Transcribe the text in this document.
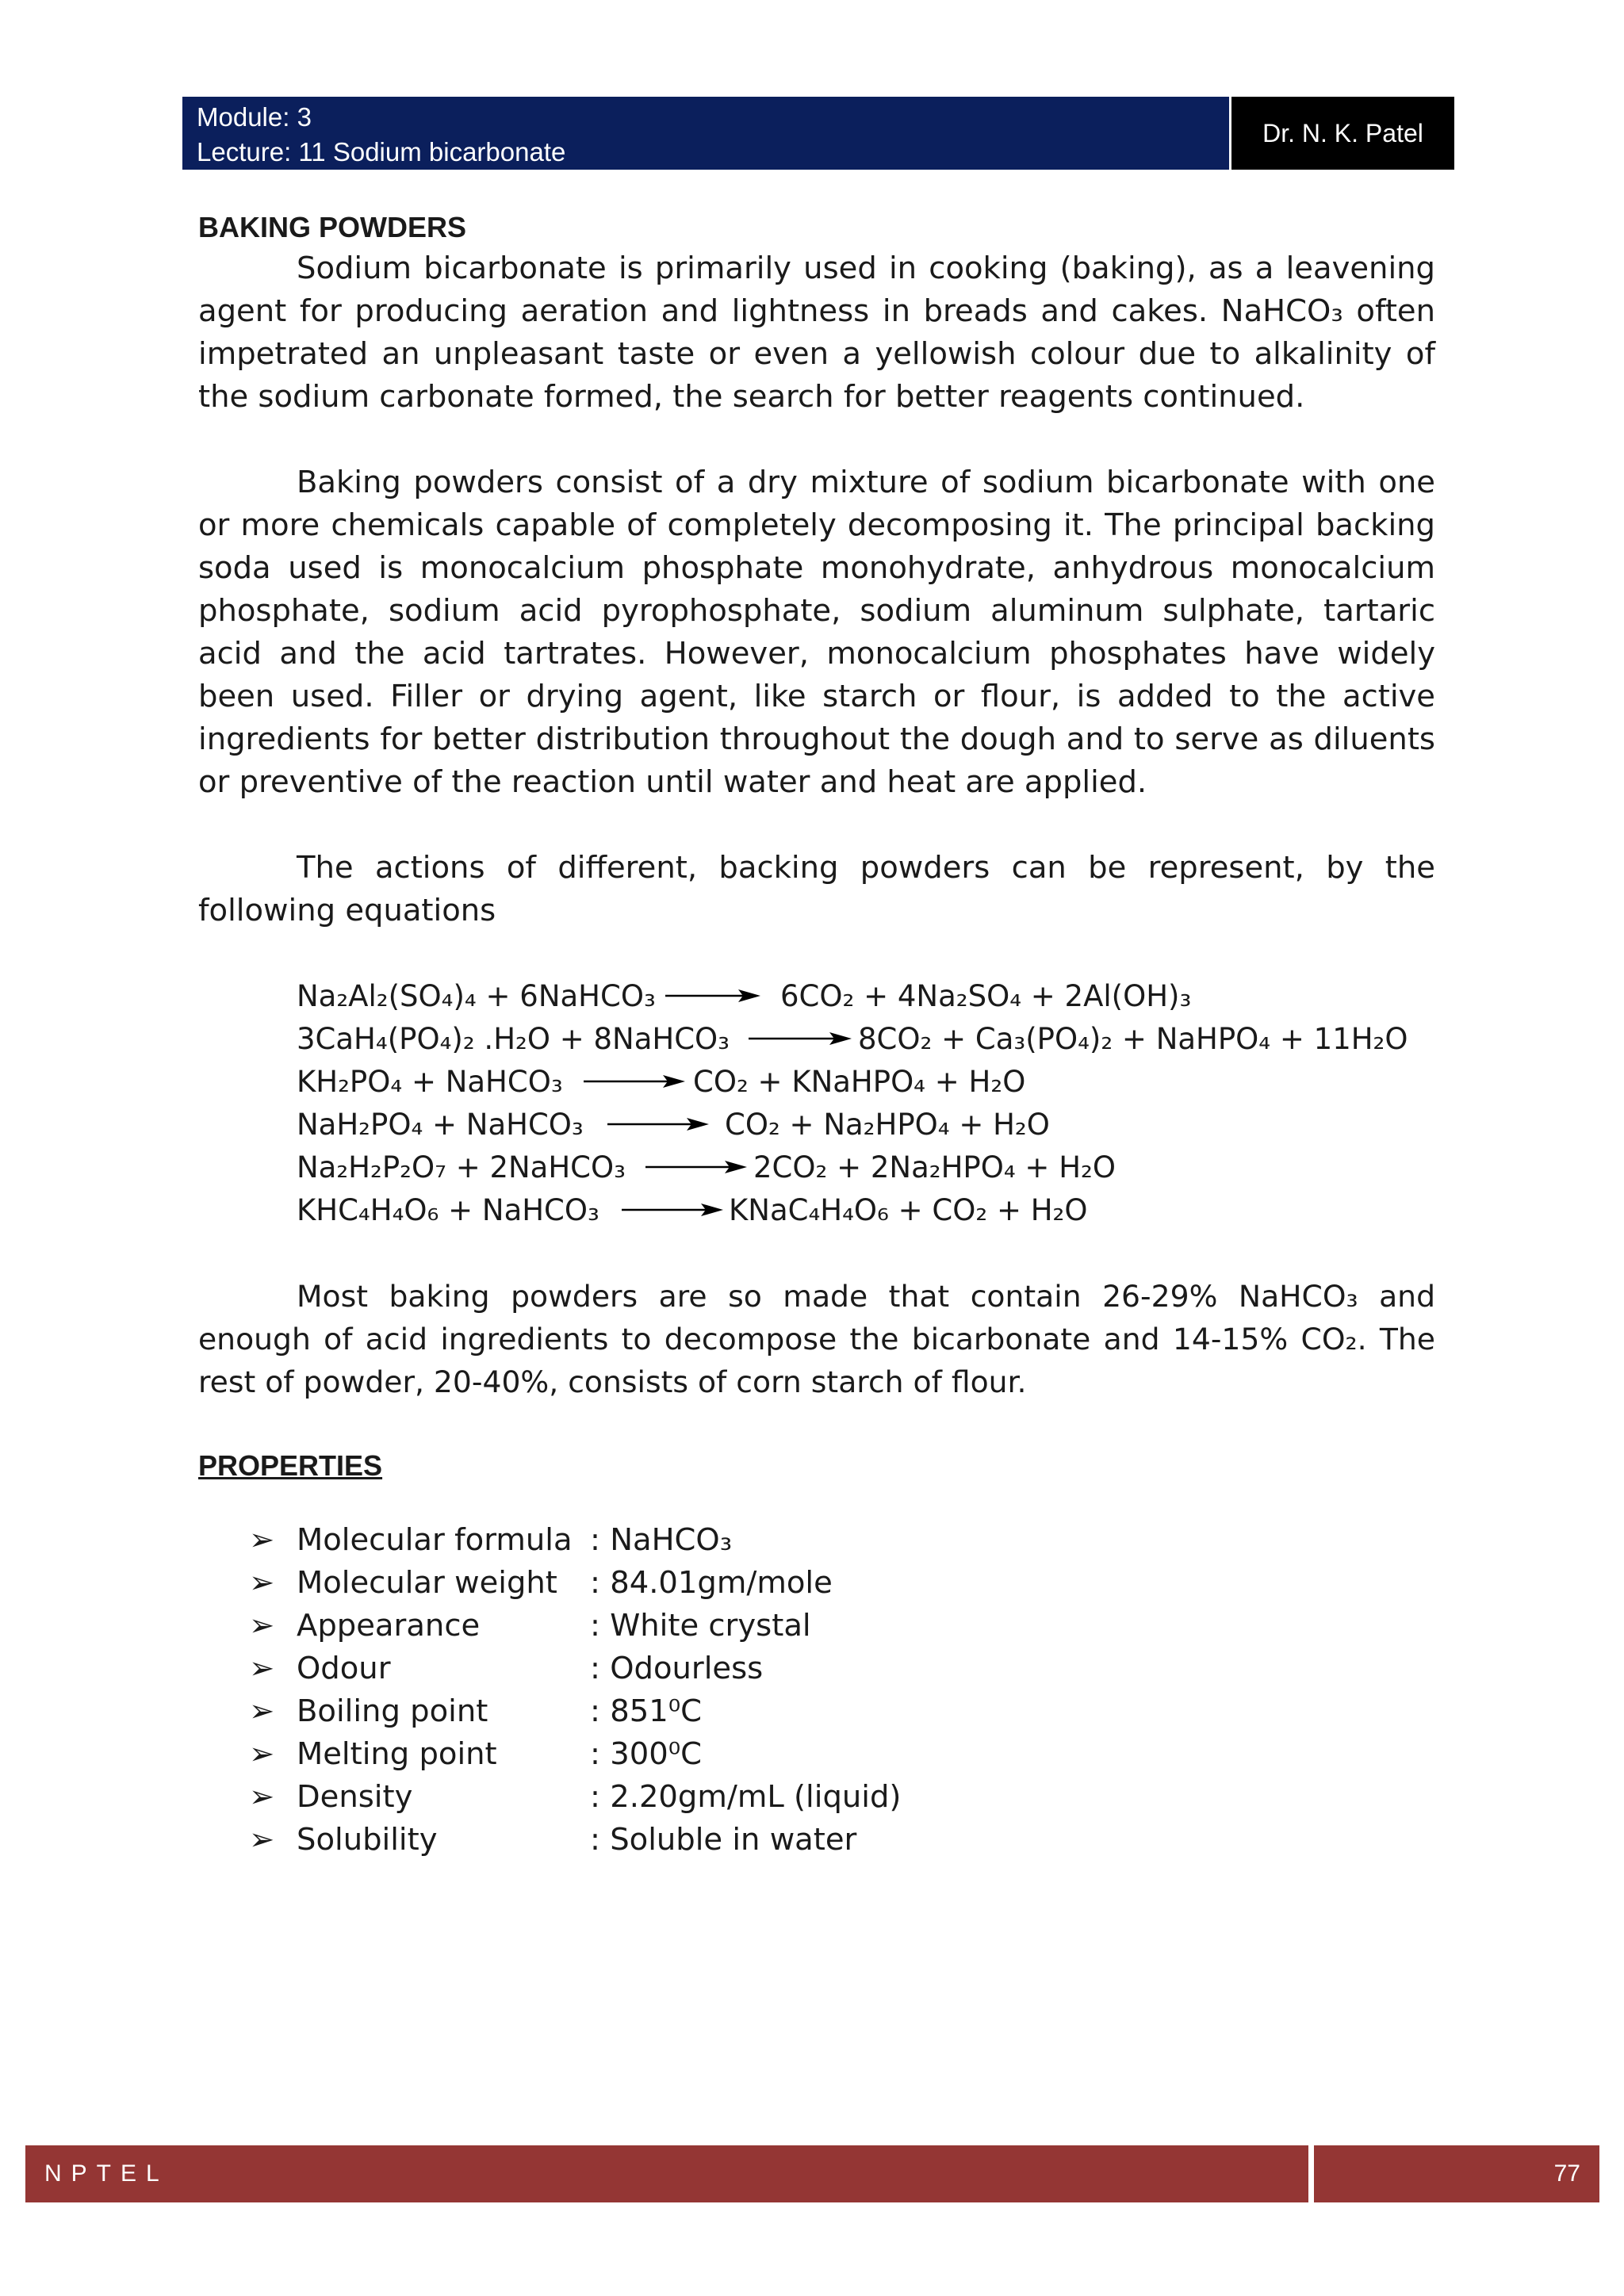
Module: 3
Lecture: 11 Sodium bicarbonate
Dr. N. K. Patel
BAKING POWDERS

Sodium bicarbonate is primarily used in cooking (baking), as a leavening agent for producing aeration and lightness in breads and cakes. NaHCO₃ often impetrated an unpleasant taste or even a yellowish colour due to alkalinity of the sodium carbonate formed, the search for better reagents continued.

Baking powders consist of a dry mixture of sodium bicarbonate with one or more chemicals capable of completely decomposing it. The principal backing soda used is monocalcium phosphate monohydrate, anhydrous monocalcium phosphate, sodium acid pyrophosphate, sodium aluminum sulphate, tartaric acid and the acid tartrates. However, monocalcium phosphates have widely been used. Filler or drying agent, like starch or flour, is added to the active ingredients for better distribution throughout the dough and to serve as diluents or preventive of the reaction until water and heat are applied.

The actions of different, backing powders can be represent, by the following equations

Na₂Al₂(SO₄)₄ + 6NaHCO₃	6CO₂ + 4Na₂SO₄ + 2Al(OH)₃
3CaH₄(PO₄)₂ .H₂O + 8NaHCO₃	8CO₂ + Ca₃(PO₄)₂ + NaHPO₄ + 11H₂O
KH₂PO₄ + NaHCO₃	CO₂ + KNaHPO₄ + H₂O
NaH₂PO₄ + NaHCO₃	CO₂ + Na₂HPO₄ + H₂O
Na₂H₂P₂O₇ + 2NaHCO₃	2CO₂ + 2Na₂HPO₄ + H₂O
KHC₄H₄O₆ + NaHCO₃	KNaC₄H₄O₆ + CO₂ + H₂O

Most baking powders are so made that contain 26-29% NaHCO₃ and enough of acid ingredients to decompose the bicarbonate and 14-15% CO₂. The rest of powder, 20-40%, consists of corn starch of flour.

PROPERTIES
➢ Molecular formula : NaHCO₃
➢ Molecular weight : 84.01gm/mole
➢ Appearance	: White crystal
➢ Odour	: Odourless
➢ Boiling point	: 851⁰C
➢ Melting point	: 300⁰C
➢ Density	: 2.20gm/mL (liquid)
➢ Solubility	: Soluble in water
NPTEL	77
